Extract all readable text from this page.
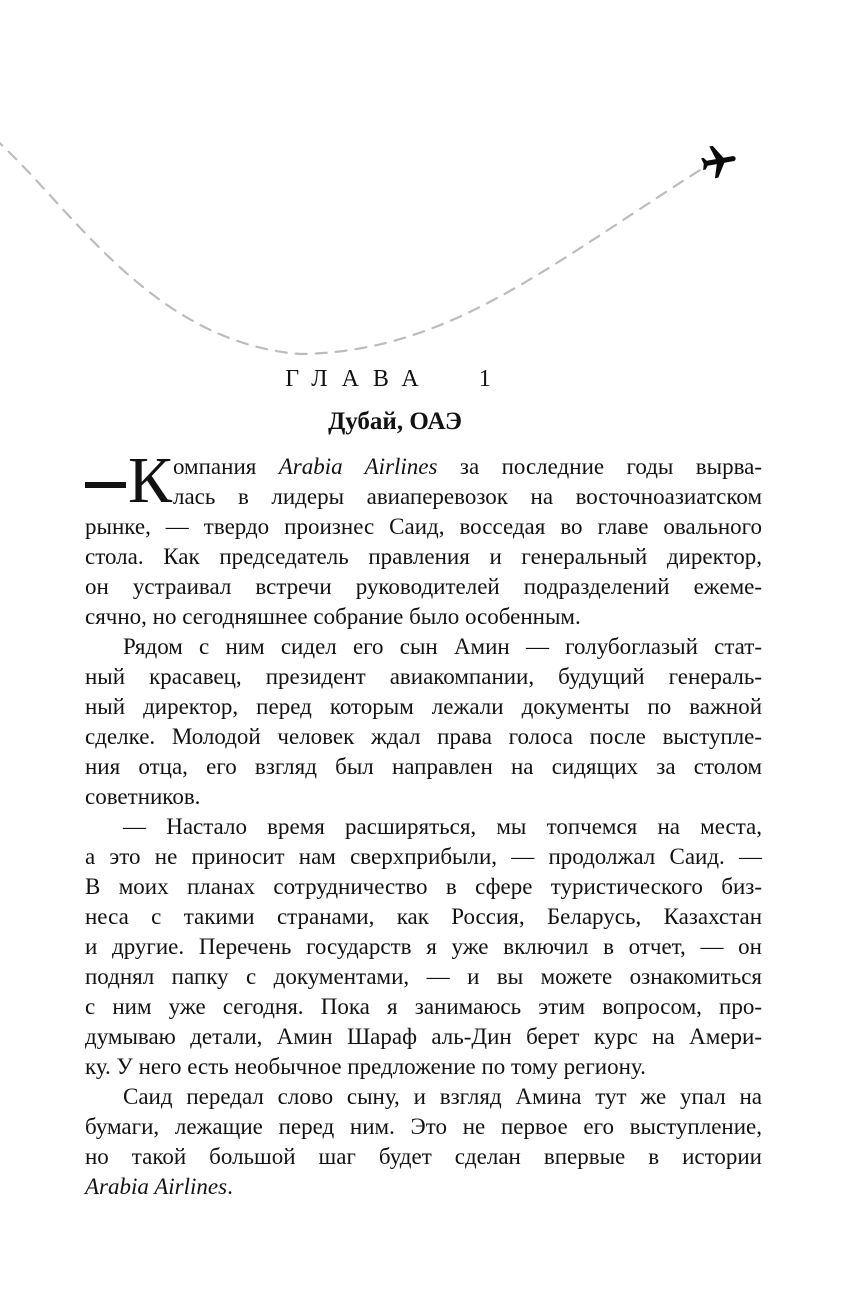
ГЛАВА 1
Дубай, ОАЭ
К омпания Arabia Airlines за последние годы вырва-
лась в лидеры авиаперевозок на восточноазиатском
рынке, — твердо произнес Саид, восседая во главе овального
стола. Как председатель правления и генеральный директор,
он устраивал встречи руководителей подразделений ежеме-
сячно, но сегодняшнее собрание было особенным.
Рядом с ним сидел его сын Амин — голубоглазый стат-
ный красавец, президент авиакомпании, будущий генераль-
ный директор, перед которым лежали документы по важной
сделке. Молодой человек ждал права голоса после выступле-
ния отца, его взгляд был направлен на сидящих за столом
советников.
— Настало время расширяться, мы топчемся на места,
а это не приносит нам сверхприбыли, — продолжал Саид. —
В моих планах сотрудничество в сфере туристического биз-
неса с такими странами, как Россия, Беларусь, Казахстан
и другие. Перечень государств я уже включил в отчет, — он
поднял папку с документами, — и вы можете ознакомиться
с ним уже сегодня. Пока я занимаюсь этим вопросом, про-
думываю детали, Амин Шараф аль-Дин берет курс на Амери-
ку. У него есть необычное предложение по тому региону.
Саид передал слово сыну, и взгляд Амина тут же упал на
бумаги, лежащие перед ним. Это не первое его выступление,
но такой большой шаг будет сделан впервые в истории
Arabia Airlines.
